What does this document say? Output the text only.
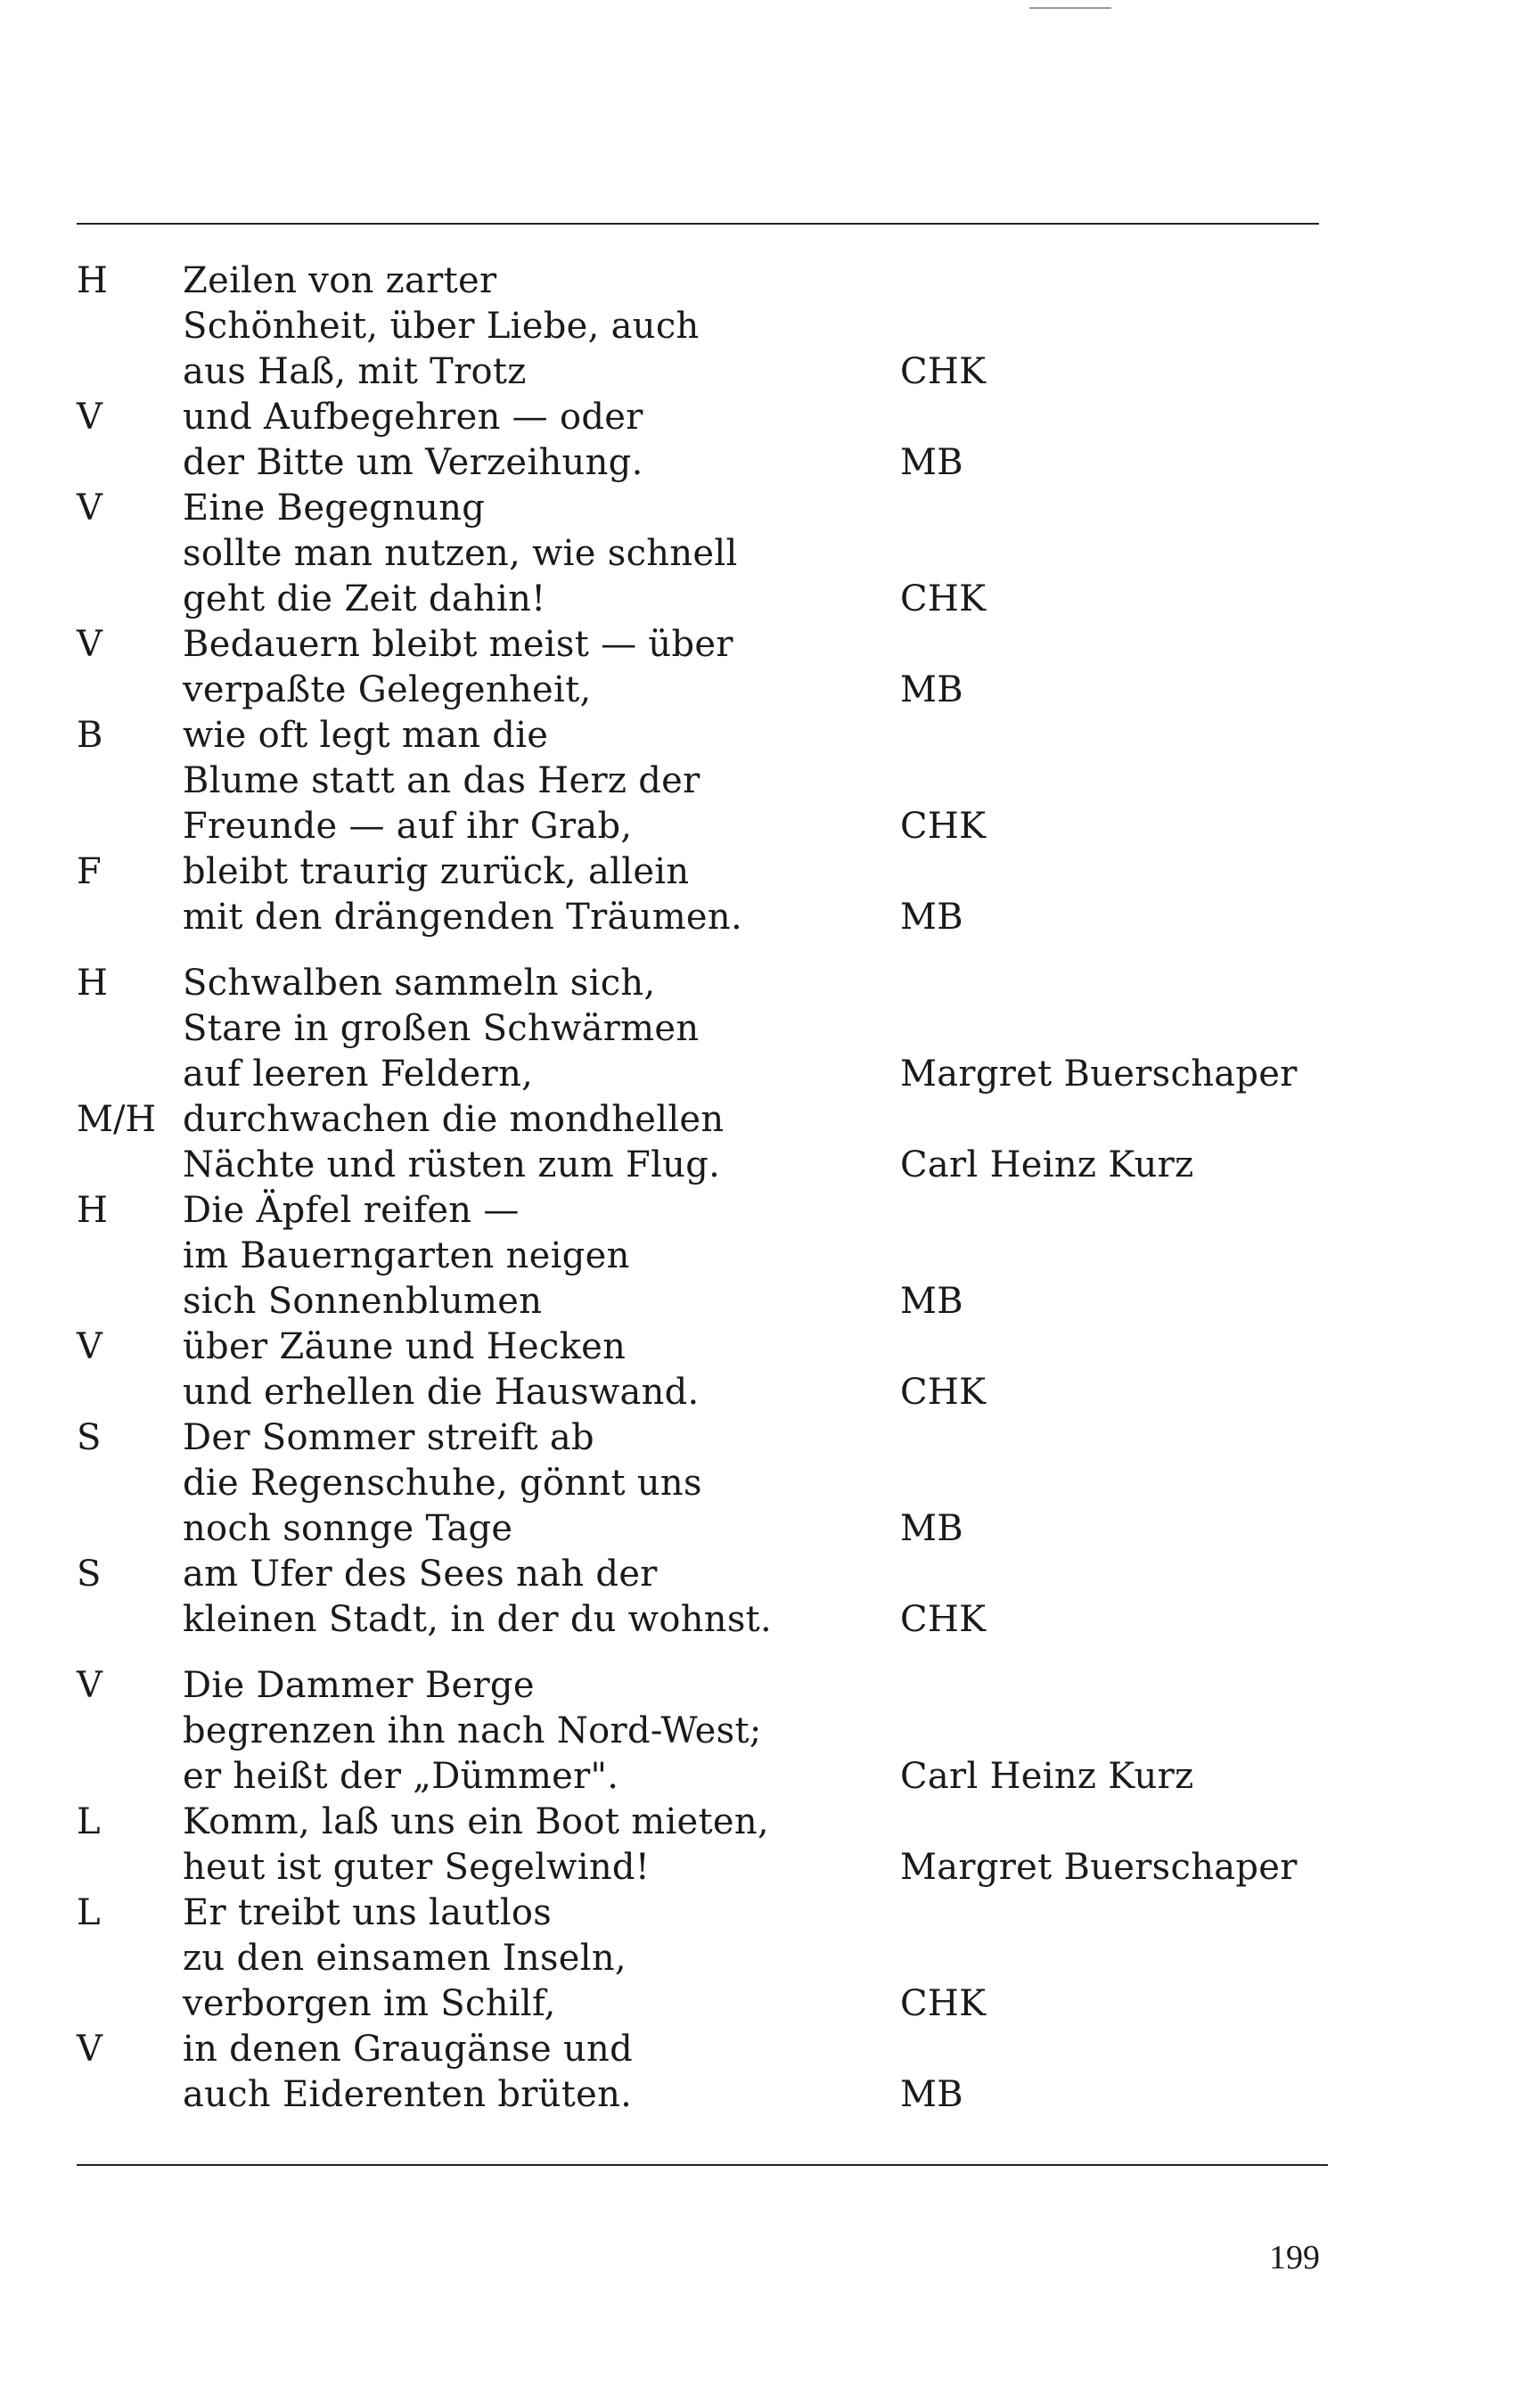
H Zeilen von zarter
Schönheit, über Liebe, auch
aus Haß, mit Trotz	CHK
V und Aufbegehren — oder
der Bitte um Verzeihung.	MB
V Eine Begegnung
sollte man nutzen, wie schnell
geht die Zeit dahin!	CHK
V Bedauern bleibt meist — über
verpaßte Gelegenheit,	MB
B wie oft legt man die
Blume statt an das Herz der
Freunde — auf ihr Grab,	CHK
F bleibt traurig zurück, allein
mit den drängenden Träumen.	MB
H Schwalben sammeln sich,
Stare in großen Schwärmen
auf leeren Feldern,	Margret Buerschaper
M/H durchwachen die mondhellen
Nächte und rüsten zum Flug.	Carl Heinz Kurz
H Die Äpfel reifen —
im Bauerngarten neigen
sich Sonnenblumen	MB
V über Zäune und Hecken
und erhellen die Hauswand.	CHK
S Der Sommer streift ab
die Regenschuhe, gönnt uns
noch sonnge Tage	MB
S am Ufer des Sees nah der
kleinen Stadt, in der du wohnst.	CHK
V Die Dammer Berge
begrenzen ihn nach Nord-West;
er heißt der „Dümmer".	Carl Heinz Kurz
L Komm, laß uns ein Boot mieten,
heut ist guter Segelwind!	Margret Buerschaper
L Er treibt uns lautlos
zu den einsamen Inseln,
verborgen im Schilf,	CHK
V in denen Graugänse und
auch Eiderenten brüten.	MB
199
